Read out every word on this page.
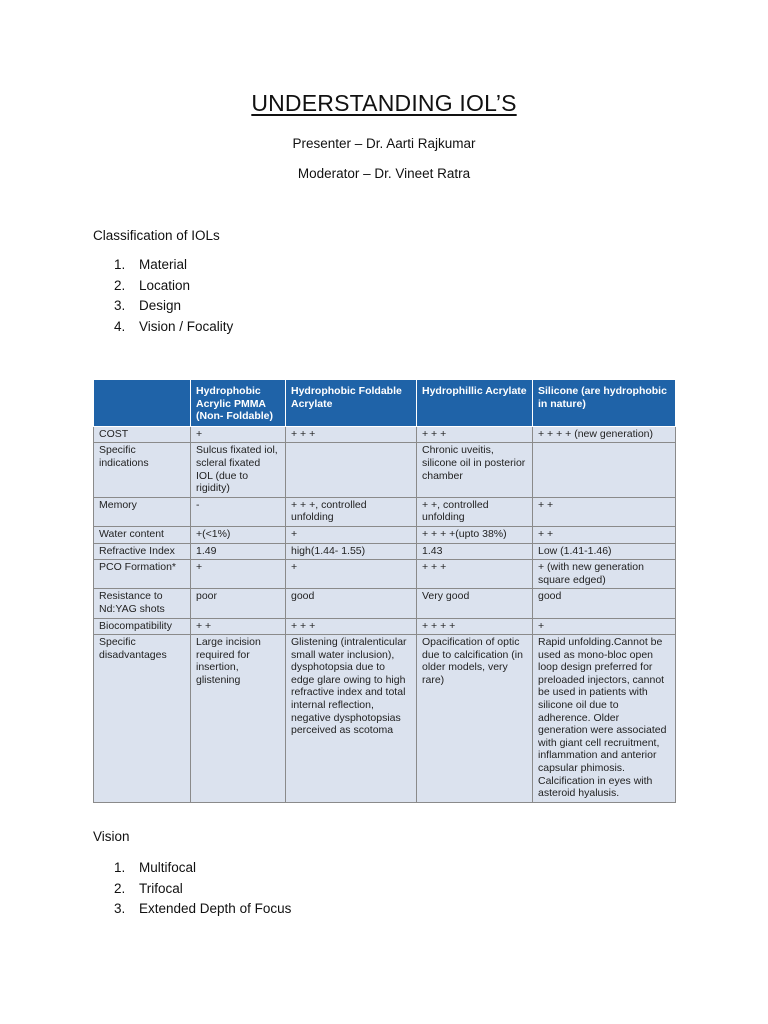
UNDERSTANDING IOL’S
Presenter – Dr. Aarti Rajkumar
Moderator – Dr. Vineet Ratra
Classification of IOLs
1.	Material
2.	Location
3.	Design
4.	Vision / Focality
	Hydrophobic Acrylic PMMA (Non- Foldable)	Hydrophobic Foldable Acrylate	Hydrophillic Acrylate	Silicone (are hydrophobic in nature)
COST	+	+ + +	+ + +	+ + + + (new generation)
Specific indications	Sulcus fixated iol, scleral fixated IOL (due to rigidity)		Chronic uveitis, silicone oil in posterior chamber	
Memory	-	+ + +, controlled unfolding	+ +, controlled unfolding	+ +
Water content	+(<1%)	+	+ + + +(upto 38%)	+ +
Refractive Index	1.49	high(1.44- 1.55)	1.43	Low (1.41-1.46)
PCO Formation*	+	+	+ + +	+ (with new generation square edged)
Resistance to Nd:YAG shots	poor	good	Very good	good
Biocompatibility	+ +	+ + +	+ + + +	+
Specific disadvantages	Large incision required for insertion, glistening	Glistening (intralenticular small water inclusion), dysphotopsia due to edge glare owing to high refractive index and total internal reflection, negative dysphotopsias perceived as scotoma	Opacification of optic due to calcification (in older models, very rare)	Rapid unfolding.Cannot be used as mono-bloc open loop design preferred for preloaded injectors, cannot be used in patients with silicone oil due to adherence. Older generation were associated with giant cell recruitment, inflammation and anterior capsular phimosis. Calcification in eyes with asteroid hyalusis.
Vision
1.	Multifocal
2.	Trifocal
3.	Extended Depth of Focus
